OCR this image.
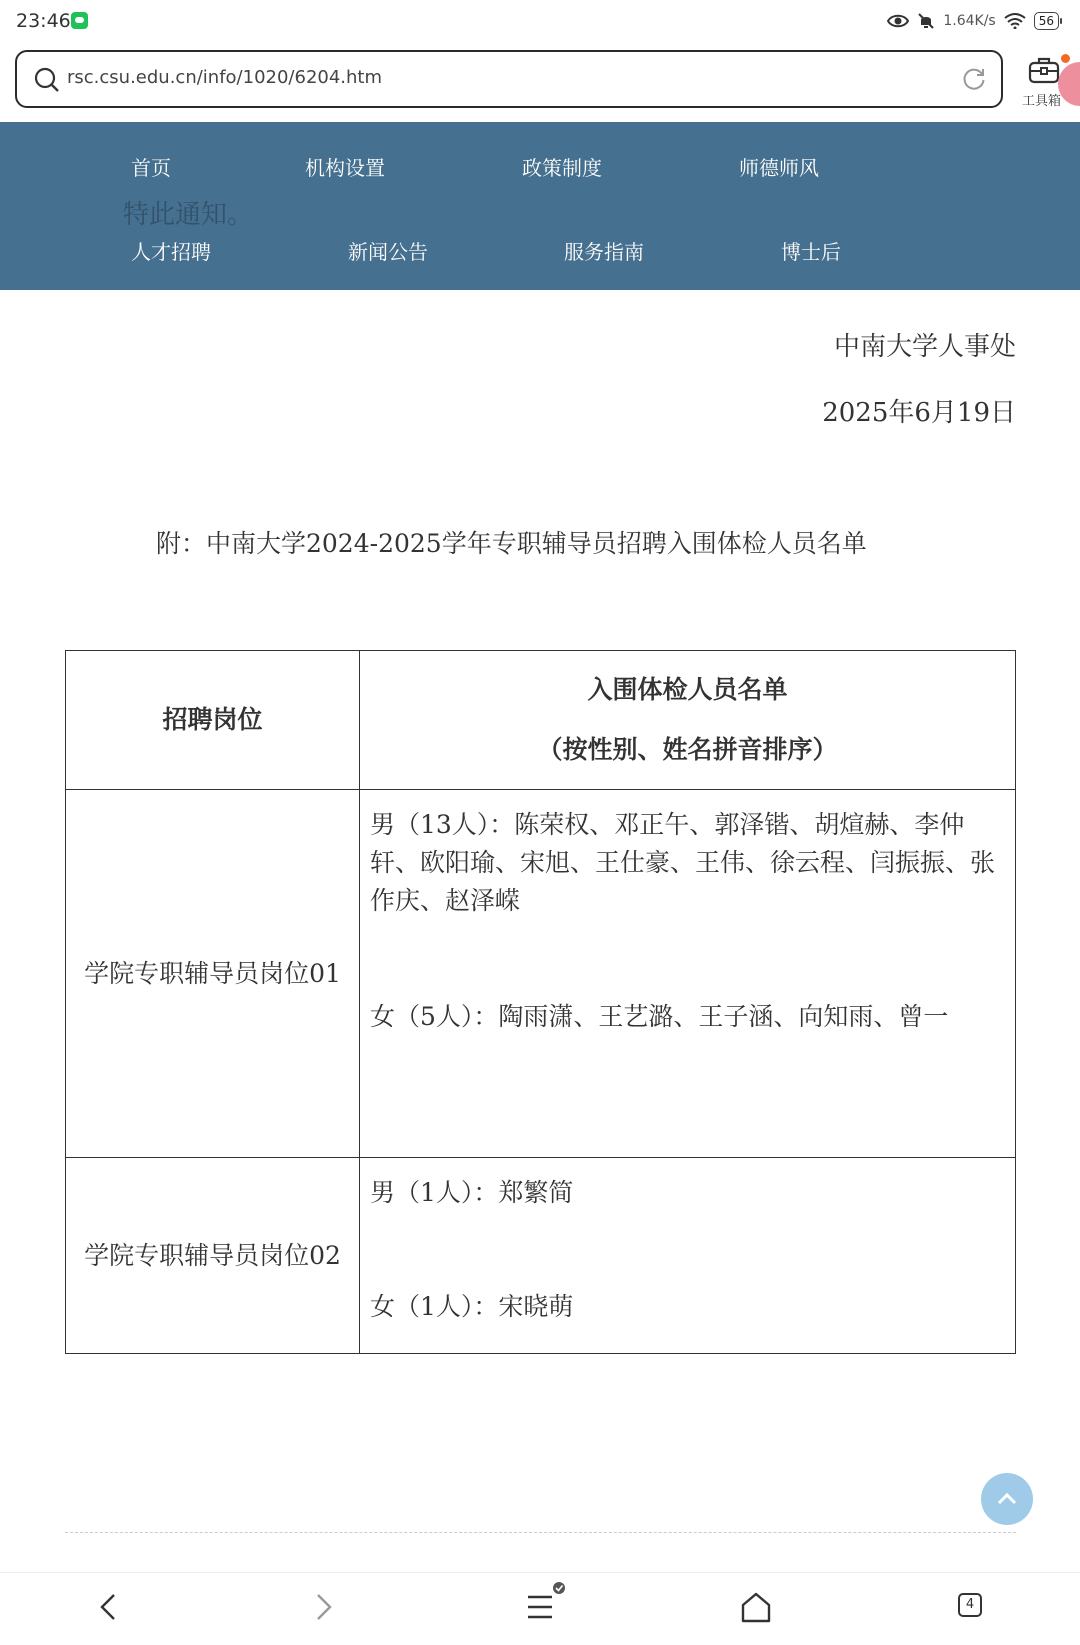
23:46	1.64K/s	56
rsc.csu.edu.cn/info/1020/6204.htm
工具箱
首页	机构设置	政策制度	师德师风
特此通知。
人才招聘	新闻公告	服务指南	博士后
中南大学人事处
2025年6月19日
附：中南大学2024-2025学年专职辅导员招聘入围体检人员名单
招聘岗位	入围体检人员名单
（按性别、姓名拼音排序）

学院专职辅导员岗位01	男（13人）：陈荣权、邓正午、郭泽锴、胡煊赫、李仲轩、欧阳瑜、宋旭、王仕豪、王伟、徐云程、闫振振、张作庆、赵泽嵘
女（5人）：陶雨潇、王艺潞、王子涵、向知雨、曾一

学院专职辅导员岗位02	男（1人）：郑繁简
女（1人）：宋晓萌
4
